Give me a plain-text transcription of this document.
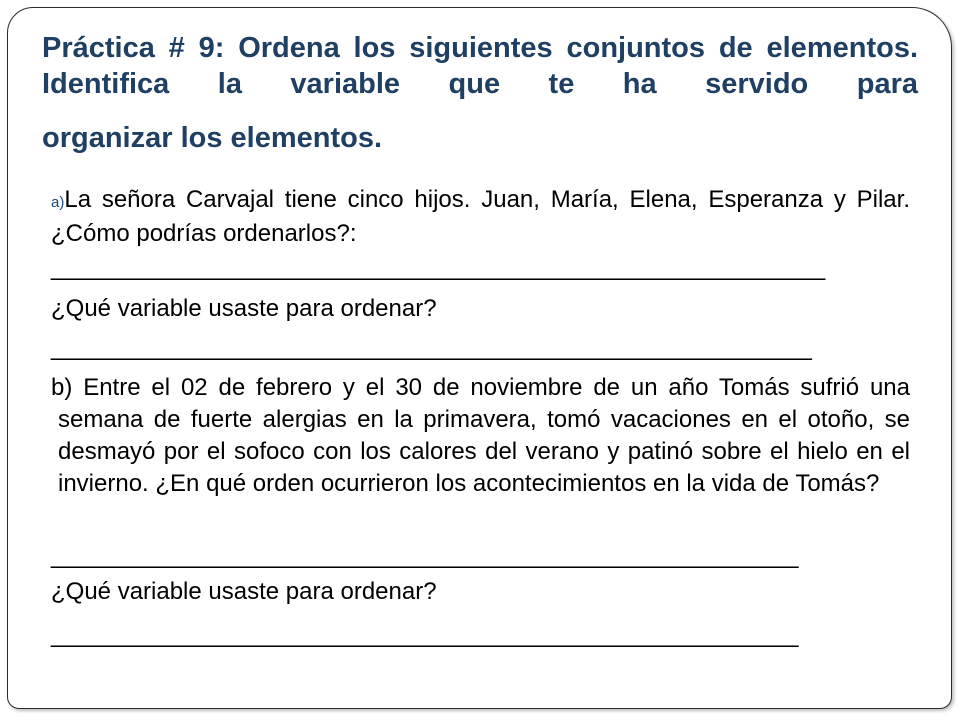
Práctica # 9: Ordena los siguientes conjuntos de elementos. Identifica la variable que te ha servido para
organizar los elementos.
a)La señora Carvajal tiene cinco hijos. Juan, María, Elena, Esperanza y Pilar. ¿Cómo podrías ordenarlos?:
__________________________________________________________
¿Qué variable usaste para ordenar?
_________________________________________________________
b) Entre el 02 de febrero y el 30 de noviembre de un año Tomás sufrió una semana de fuerte alergias en la primavera, tomó vacaciones en el otoño, se desmayó por el sofoco con los calores del verano y patinó sobre el hielo en el invierno. ¿En qué orden ocurrieron los acontecimientos en la vida de Tomás?
________________________________________________________
¿Qué variable usaste para ordenar?
________________________________________________________
